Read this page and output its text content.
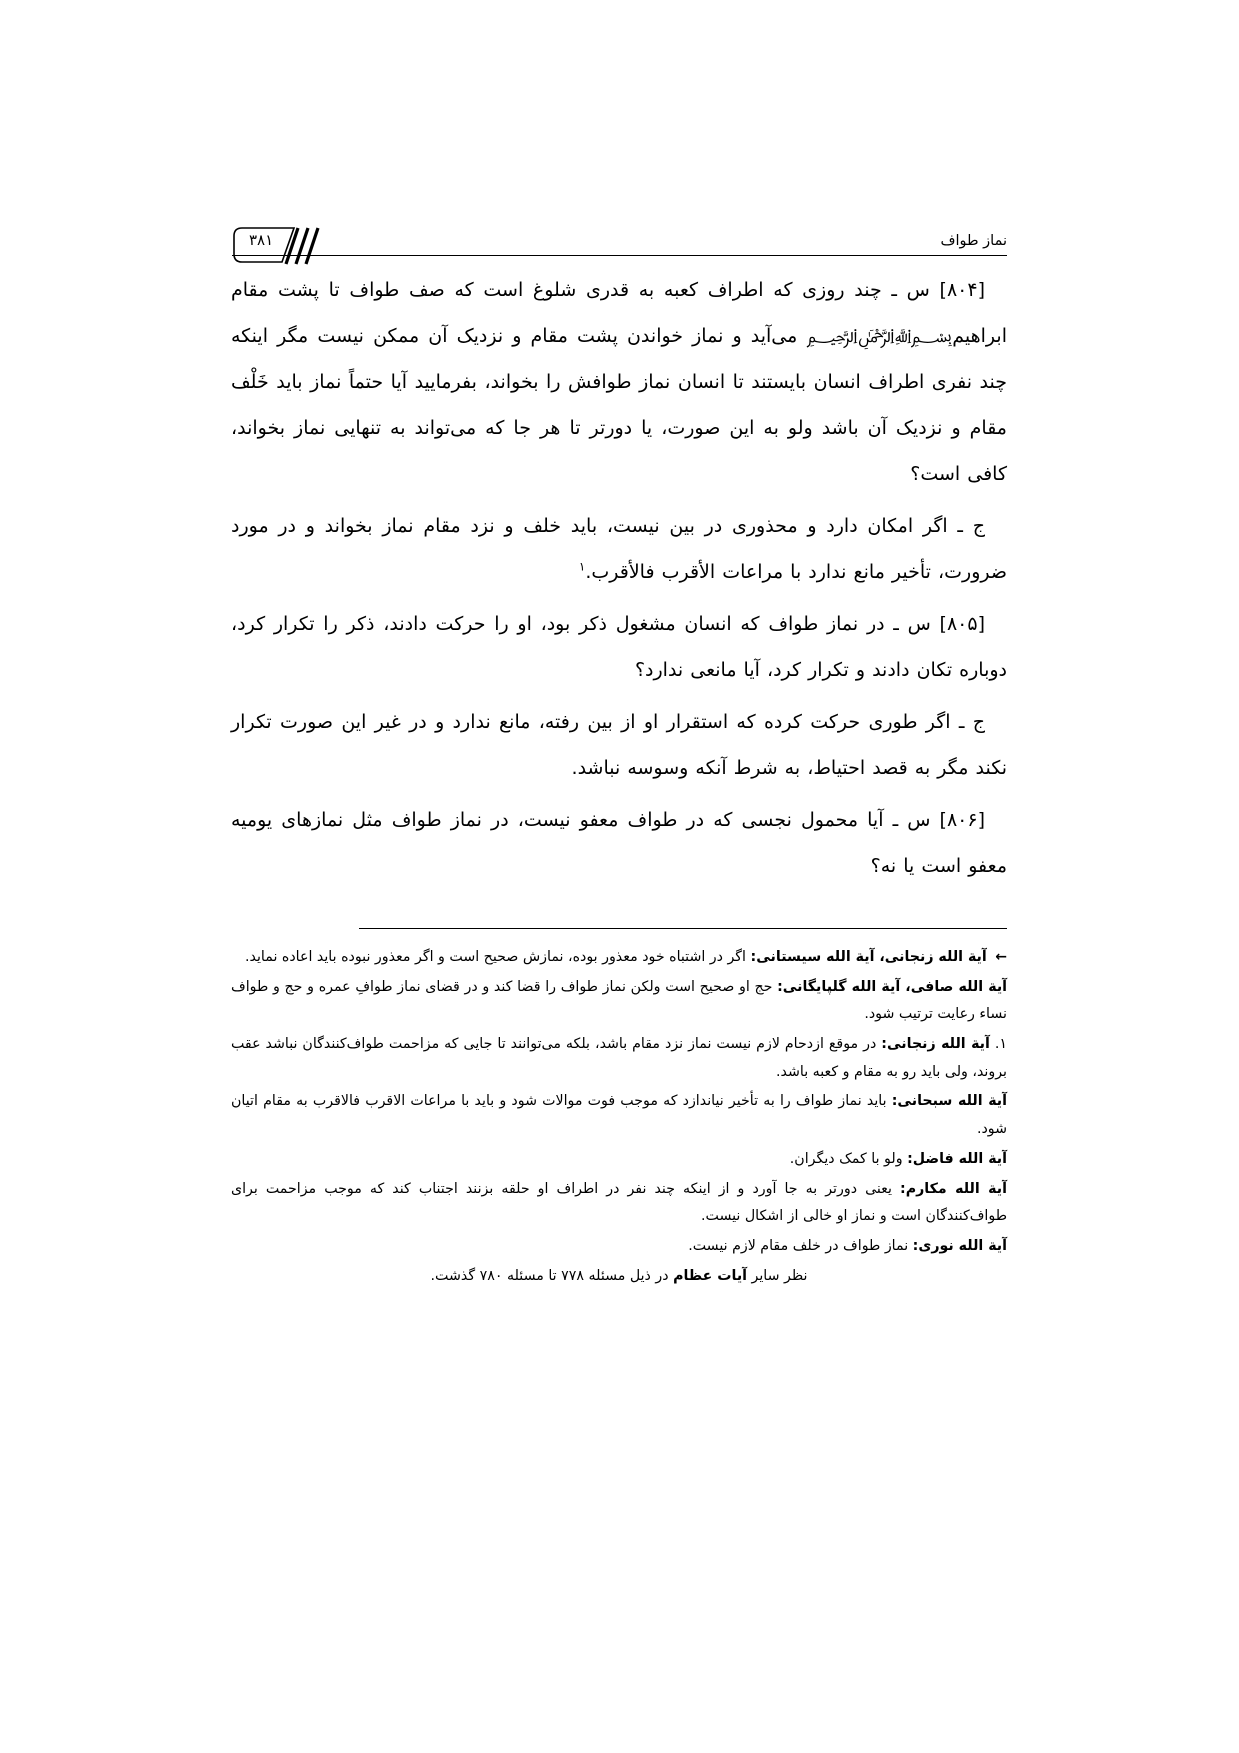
نماز طواف
۳۸۱

[۸۰۴] س ـ چند روزی که اطراف کعبه به قدری شلوغ است که صف طواف تا پشت مقام ابراهیم﷽ می‌آید و نماز خواندن پشت مقام و نزدیک آن ممکن نیست مگر اینکه چند نفری اطراف انسان بایستند تا انسان نماز طوافش را بخواند، بفرمایید آیا حتماً نماز باید خَلْف مقام و نزدیک آن باشد ولو به این صورت، یا دورتر تا هر جا که می‌تواند به تنهایی نماز بخواند، کافی است؟

ج ـ اگر امکان دارد و محذوری در بین نیست، باید خلف و نزد مقام نماز بخواند و در مورد ضرورت، تأخیر مانع ندارد با مراعات الأقرب فالأقرب.$^۱$

[۸۰۵] س ـ در نماز طواف که انسان مشغول ذکر بود، او را حرکت دادند، ذکر را تکرار کرد، دوباره تکان دادند و تکرار کرد، آیا مانعی ندارد؟

ج ـ اگر طوری حرکت کرده که استقرار او از بین رفته، مانع ندارد و در غیر این صورت تکرار نکند مگر به قصد احتیاط، به شرط آنکه وسوسه نباشد.

[۸۰۶] س ـ آیا محمول نجسی که در طواف معفو نیست، در نماز طواف مثل نمازهای یومیه معفو است یا نه؟

← آیة الله زنجانی، آیة الله سیستانی: اگر در اشتباه خود معذور بوده، نمازش صحیح است و اگر معذور نبوده باید اعاده نماید.

آیة الله صافی، آیة الله گلپایگانی: حج او صحیح است ولکن نماز طواف را قضا کند و در قضای نماز طوافِ عمره و حج و طواف نساء رعایت ترتیب شود.

۱. آیة الله زنجانی: در موقع ازدحام لازم نیست نماز نزد مقام باشد، بلکه می‌توانند تا جایی که مزاحمت طواف‌کنندگان نباشد عقب بروند، ولی باید رو به مقام و کعبه باشد.

آیة الله سبحانی: باید نماز طواف را به تأخیر نیاندازد که موجب فوت موالات شود و باید با مراعات الاقرب فالاقرب به مقام اتیان شود.

آیة الله فاضل: ولو با کمک دیگران.

آیة الله مکارم: یعنی دورتر به جا آورد و از اینکه چند نفر در اطراف او حلقه بزنند اجتناب کند که موجب مزاحمت برای طواف‌کنندگان است و نماز او خالی از اشکال نیست.

آیة الله نوری: نماز طواف در خلف مقام لازم نیست.

نظر سایر آیات عظام در ذیل مسئله ۷۷۸ تا مسئله ۷۸۰ گذشت.
